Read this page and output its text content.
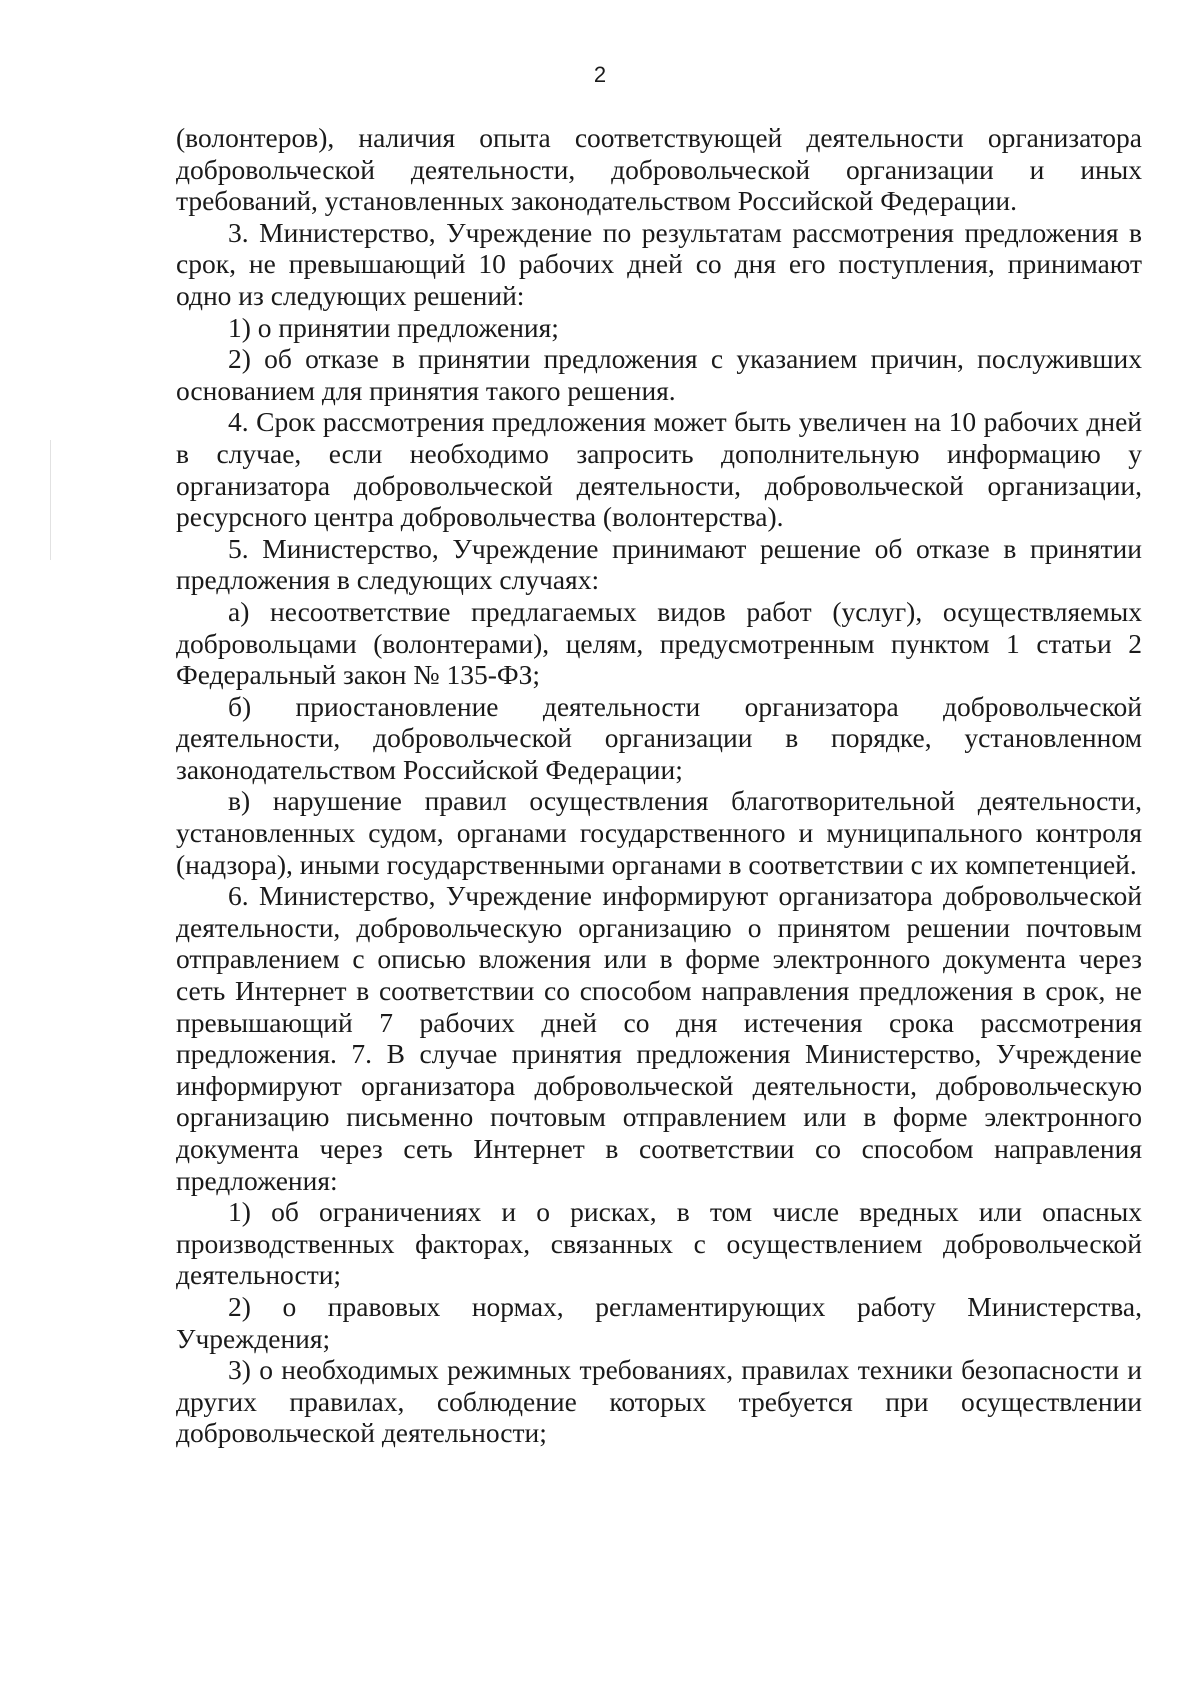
2

(волонтеров), наличия опыта соответствующей деятельности организатора добровольческой деятельности, добровольческой организации и иных требований, установленных законодательством Российской Федерации.

3. Министерство, Учреждение по результатам рассмотрения предложения в срок, не превышающий 10 рабочих дней со дня его поступления, принимают одно из следующих решений:

1) о принятии предложения;

2) об отказе в принятии предложения с указанием причин, послуживших основанием для принятия такого решения.

4. Срок рассмотрения предложения может быть увеличен на 10 рабочих дней в случае, если необходимо запросить дополнительную информацию у организатора добровольческой деятельности, добровольческой организации, ресурсного центра добровольчества (волонтерства).

5. Министерство, Учреждение принимают решение об отказе в принятии предложения в следующих случаях:

а) несоответствие предлагаемых видов работ (услуг), осуществляемых добровольцами (волонтерами), целям, предусмотренным пунктом 1 статьи 2 Федеральный закон № 135-ФЗ;

б) приостановление деятельности организатора добровольческой деятельности, добровольческой организации в порядке, установленном законодательством Российской Федерации;

в) нарушение правил осуществления благотворительной деятельности, установленных судом, органами государственного и муниципального контроля (надзора), иными государственными органами в соответствии с их компетенцией.

6. Министерство, Учреждение информируют организатора добровольческой деятельности, добровольческую организацию о принятом решении почтовым отправлением с описью вложения или в форме электронного документа через сеть Интернет в соответствии со способом направления предложения в срок, не превышающий 7 рабочих дней со дня истечения срока рассмотрения предложения. 7. В случае принятия предложения Министерство, Учреждение информируют организатора добровольческой деятельности, добровольческую организацию письменно почтовым отправлением или в форме электронного документа через сеть Интернет в соответствии со способом направления предложения:

1) об ограничениях и о рисках, в том числе вредных или опасных производственных факторах, связанных с осуществлением добровольческой деятельности;

2) о правовых нормах, регламентирующих работу Министерства, Учреждения;

3) о необходимых режимных требованиях, правилах техники безопасности и других правилах, соблюдение которых требуется при осуществлении добровольческой деятельности;
